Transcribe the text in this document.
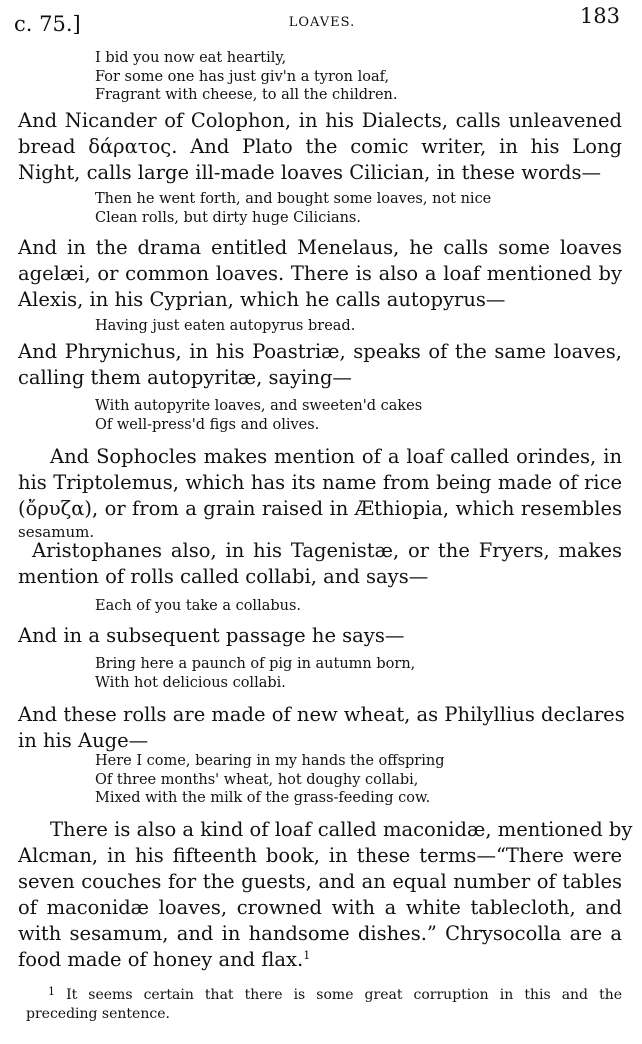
c. 75.]	LOAVES.	183
I bid you now eat heartily,
For some one has just giv'n a tyron loaf,
Fragrant with cheese, to all the children.
And Nicander of Colophon, in his Dialects, calls unleavened
bread δάρατος. And Plato the comic writer, in his Long
Night, calls large ill-made loaves Cilician, in these words—
Then he went forth, and bought some loaves, not nice
Clean rolls, but dirty huge Cilicians.
And in the drama entitled Menelaus, he calls some loaves
agelæi, or common loaves. There is also a loaf mentioned by
Alexis, in his Cyprian, which he calls autopyrus—
Having just eaten autopyrus bread.
And Phrynichus, in his Poastriæ, speaks of the same loaves,
calling them autopyritæ, saying—
With autopyrite loaves, and sweeten'd cakes
Of well-press'd figs and olives.
And Sophocles makes mention of a loaf called orindes, in
his Triptolemus, which has its name from being made of rice
(ὄρυζα), or from a grain raised in Æthiopia, which resembles
sesamum.
Aristophanes also, in his Tagenistæ, or the Fryers, makes
mention of rolls called collabi, and says—
Each of you take a collabus.
And in a subsequent passage he says—
Bring here a paunch of pig in autumn born,
With hot delicious collabi.
And these rolls are made of new wheat, as Philyllius declares
in his Auge—
Here I come, bearing in my hands the offspring
Of three months' wheat, hot doughy collabi,
Mixed with the milk of the grass-feeding cow.
There is also a kind of loaf called maconidæ, mentioned by
Alcman, in his fifteenth book, in these terms—“There were
seven couches for the guests, and an equal number of tables
of maconidæ loaves, crowned with a white tablecloth, and
with sesamum, and in handsome dishes.” Chrysocolla are a
food made of honey and flax.$^1$
$^1$ It seems certain that there is some great corruption in this and the
preceding sentence.
